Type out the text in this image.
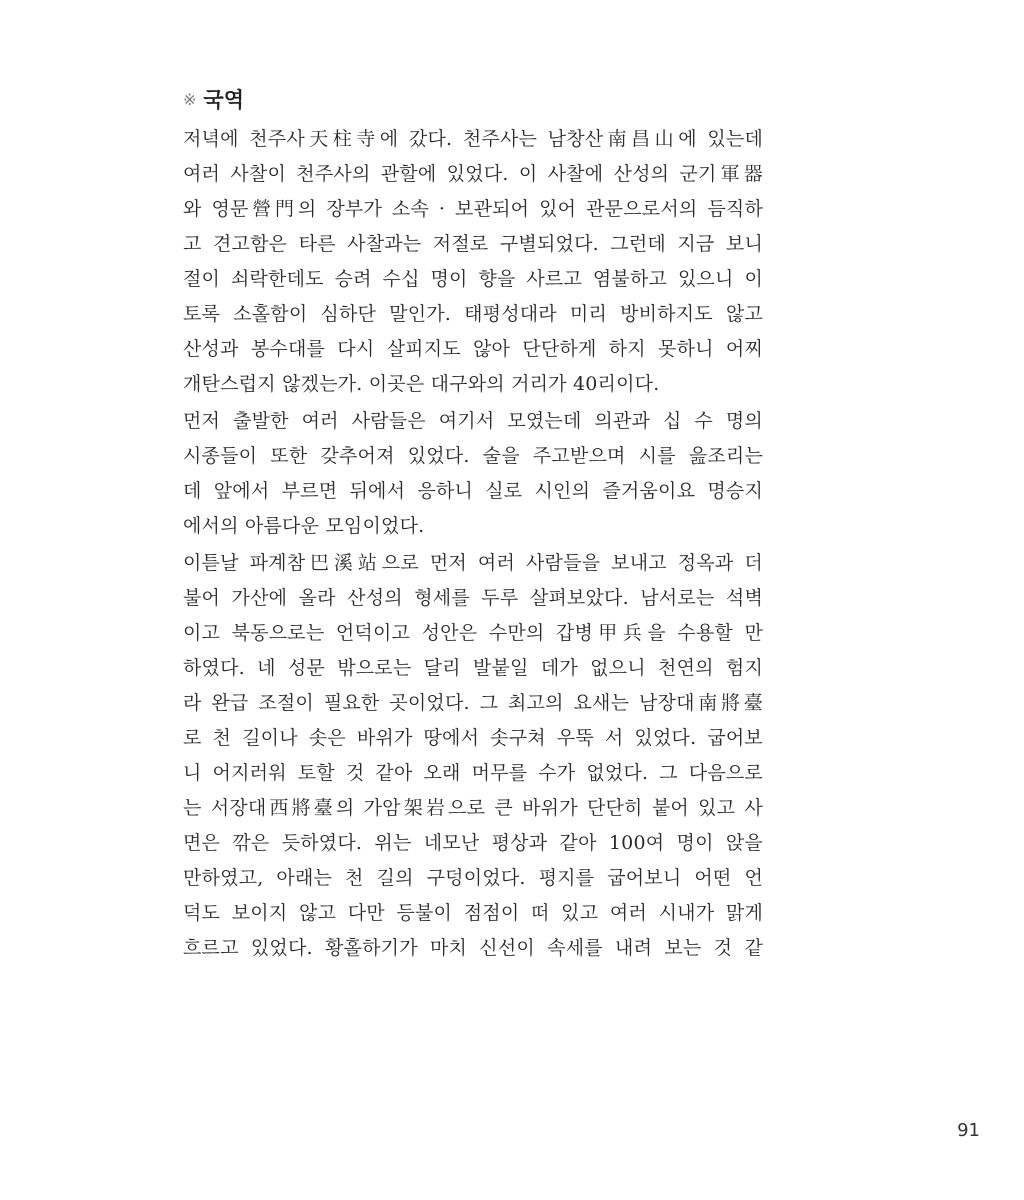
※ 국역
저녁에 천주사天柱寺에 갔다. 천주사는 남창산南昌山에 있는데
여러 사찰이 천주사의 관할에 있었다. 이 사찰에 산성의 군기軍器
와 영문營門의 장부가 소속 · 보관되어 있어 관문으로서의 듬직하
고 견고함은 타른 사찰과는 저절로 구별되었다. 그런데 지금 보니
절이 쇠락한데도 승려 수십 명이 향을 사르고 염불하고 있으니 이
토록 소홀함이 심하단 말인가. 태평성대라 미리 방비하지도 않고
산성과 봉수대를 다시 살피지도 않아 단단하게 하지 못하니 어찌
개탄스럽지 않겠는가. 이곳은 대구와의 거리가 40리이다.
먼저 출발한 여러 사람들은 여기서 모였는데 의관과 십 수 명의
시종들이 또한 갖추어져 있었다. 술을 주고받으며 시를 읊조리는
데 앞에서 부르면 뒤에서 응하니 실로 시인의 즐거움이요 명승지
에서의 아름다운 모임이었다.
이튿날 파계참巴溪站으로 먼저 여러 사람들을 보내고 정옥과 더
불어 가산에 올라 산성의 형세를 두루 살펴보았다. 남서로는 석벽
이고 북동으로는 언덕이고 성안은 수만의 갑병甲兵을 수용할 만
하였다. 네 성문 밖으로는 달리 발붙일 데가 없으니 천연의 험지
라 완급 조절이 필요한 곳이었다. 그 최고의 요새는 남장대南將臺
로 천 길이나 솟은 바위가 땅에서 솟구쳐 우뚝 서 있었다. 굽어보
니 어지러워 토할 것 같아 오래 머무를 수가 없었다. 그 다음으로
는 서장대西將臺의 가암架岩으로 큰 바위가 단단히 붙어 있고 사
면은 깎은 듯하였다. 위는 네모난 평상과 같아 100여 명이 앉을
만하였고, 아래는 천 길의 구덩이었다. 평지를 굽어보니 어떤 언
덕도 보이지 않고 다만 등불이 점점이 떠 있고 여러 시내가 맑게
흐르고 있었다. 황홀하기가 마치 신선이 속세를 내려 보는 것 같
91
